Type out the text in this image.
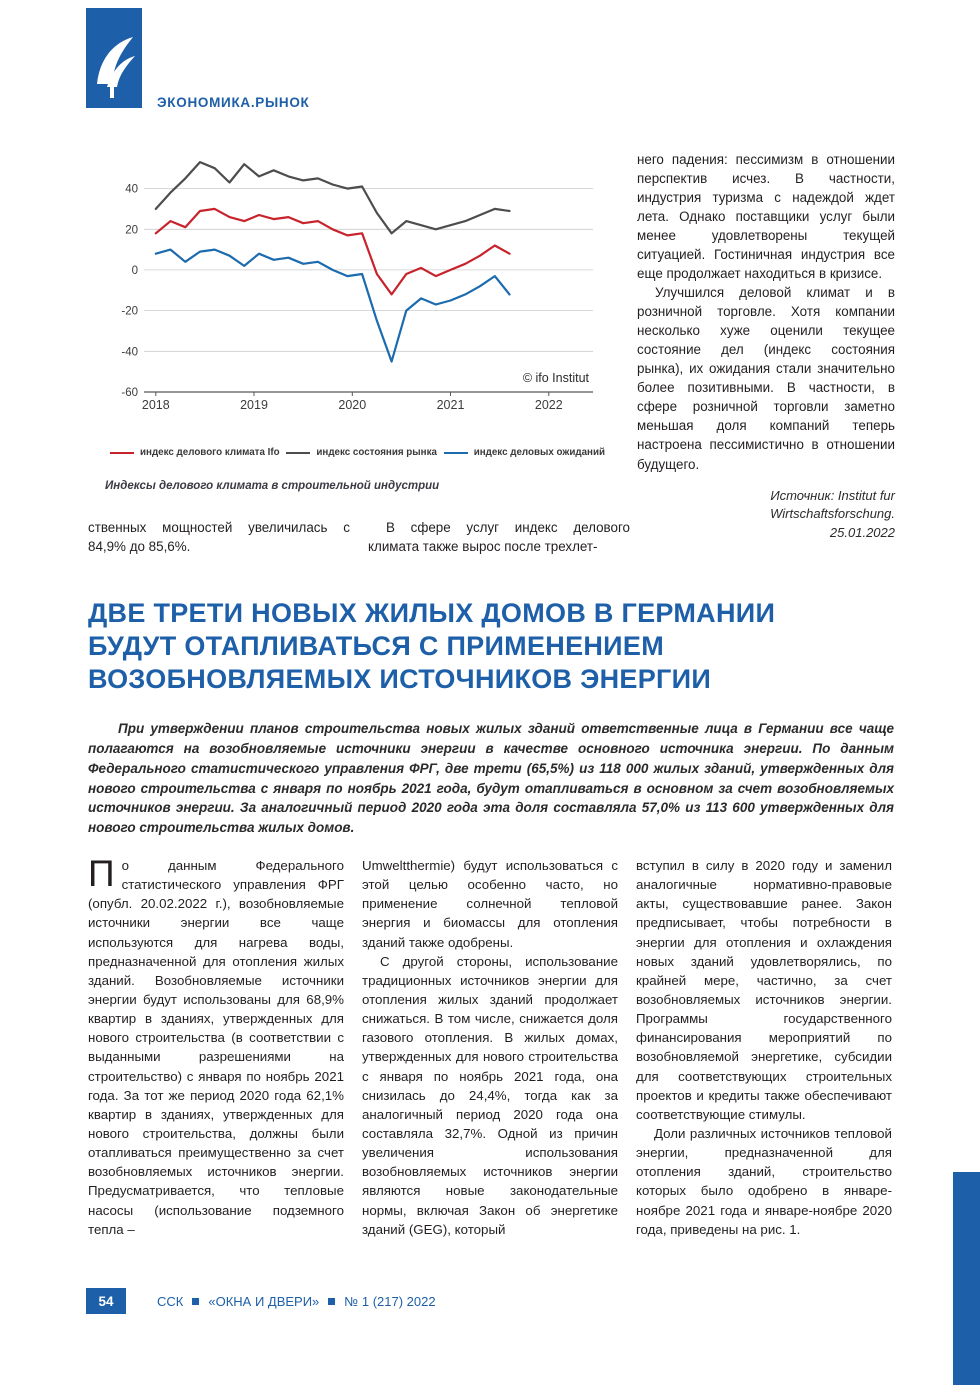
ЭКОНОМИКА.РЫНОК
40
20
0
-20
-40
-60
2018	2019	2020	2021	2022
© ifo Institut
индекс делового климата Ifo	индекс состояния рынка	индекс деловых ожиданий
Индексы делового климата в строительной индустрии

него падения: пессимизм в отношении перспектив исчез. В частности, индустрия туризма с надеждой ждет лета. Однако поставщики услуг были менее удовлетворены текущей ситуацией. Гостиничная индустрия все еще продолжает находиться в кризисе.

Улучшился деловой климат и в розничной торговле. Хотя компании несколько хуже оценили текущее состояние дел (индекс состояния рынка), их ожидания стали значительно более позитивными. В частности, в сфере розничной торговли заметно меньшая доля компаний теперь настроена пессимистично в отношении будущего.

Источник: Institut fur
Wirtschaftsforschung.
25.01.2022
ственных мощностей увеличилась с 84,9% до 85,6%.
В сфере услуг индекс делового климата также вырос после трехлет-
ДВЕ ТРЕТИ НОВЫХ ЖИЛЫХ ДОМОВ В ГЕРМАНИИ
БУДУТ ОТАПЛИВАТЬСЯ С ПРИМЕНЕНИЕМ
ВОЗОБНОВЛЯЕМЫХ ИСТОЧНИКОВ ЭНЕРГИИ
При утверждении планов строительства новых жилых зданий ответственные лица в Германии все чаще полагаются на возобновляемые источники энергии в качестве основного источника энергии. По данным Федерального статистического управления ФРГ, две трети (65,5%) из 118 000 жилых зданий, утвержденных для нового строительства с января по ноябрь 2021 года, будут отапливаться в основном за счет возобновляемых источников энергии. За аналогичный период 2020 года эта доля составляла 57,0% из 113 600 утвержденных для нового строительства жилых домов.

По данным Федерального статистического управления ФРГ (опубл. 20.02.2022 г.), возобновляемые источники энергии все чаще используются для нагрева воды, предназначенной для отопления жилых зданий. Возобновляемые источники энергии будут использованы для 68,9% квартир в зданиях, утвержденных для нового строительства (в соответствии с выданными разрешениями на строительство) с января по ноябрь 2021 года. За тот же период 2020 года 62,1% квартир в зданиях, утвержденных для нового строительства, должны были отапливаться преимущественно за счет возобновляемых источников энергии. Предусматривается, что тепловые насосы (использование подземного тепла –

Umweltthermie) будут использоваться с этой целью особенно часто, но применение солнечной тепловой энергия и биомассы для отопления зданий также одобрены.

С другой стороны, использование традиционных источников энергии для отопления жилых зданий продолжает снижаться. В том числе, снижается доля газового отопления. В жилых домах, утвержденных для нового строительства с января по ноябрь 2021 года, она снизилась до 24,4%, тогда как за аналогичный период 2020 года она составляла 32,7%. Одной из причин увеличения использования возобновляемых источников энергии являются новые законодательные нормы, включая Закон об энергетике зданий (GEG), который

вступил в силу в 2020 году и заменил аналогичные нормативно-правовые акты, существовавшие ранее. Закон предписывает, чтобы потребности в энергии для отопления и охлаждения новых зданий удовлетворялись, по крайней мере, частично, за счет возобновляемых источников энергии. Программы государственного финансирования мероприятий по возобновляемой энергетике, субсидии для соответствующих строительных проектов и кредиты также обеспечивают соответствующие стимулы.

Доли различных источников тепловой энергии, предназначенной для отопления зданий, строительство которых было одобрено в январе-ноябре 2021 года и январе-ноябре 2020 года, приведены на рис. 1.

54	ССК «ОКНА И ДВЕРИ» № 1 (217) 2022
